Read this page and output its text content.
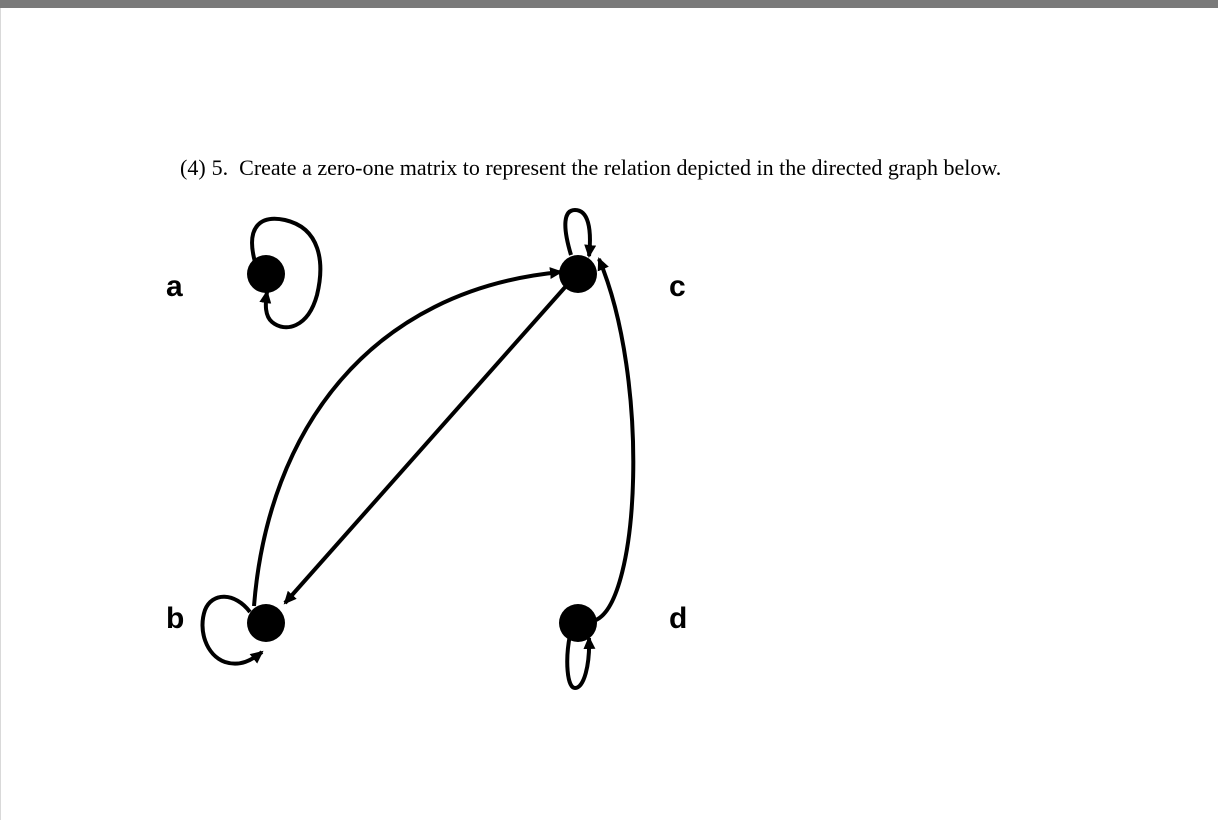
(4) 5. Create a zero-one matrix to represent the relation depicted in the directed graph below.
a
b
c
d
